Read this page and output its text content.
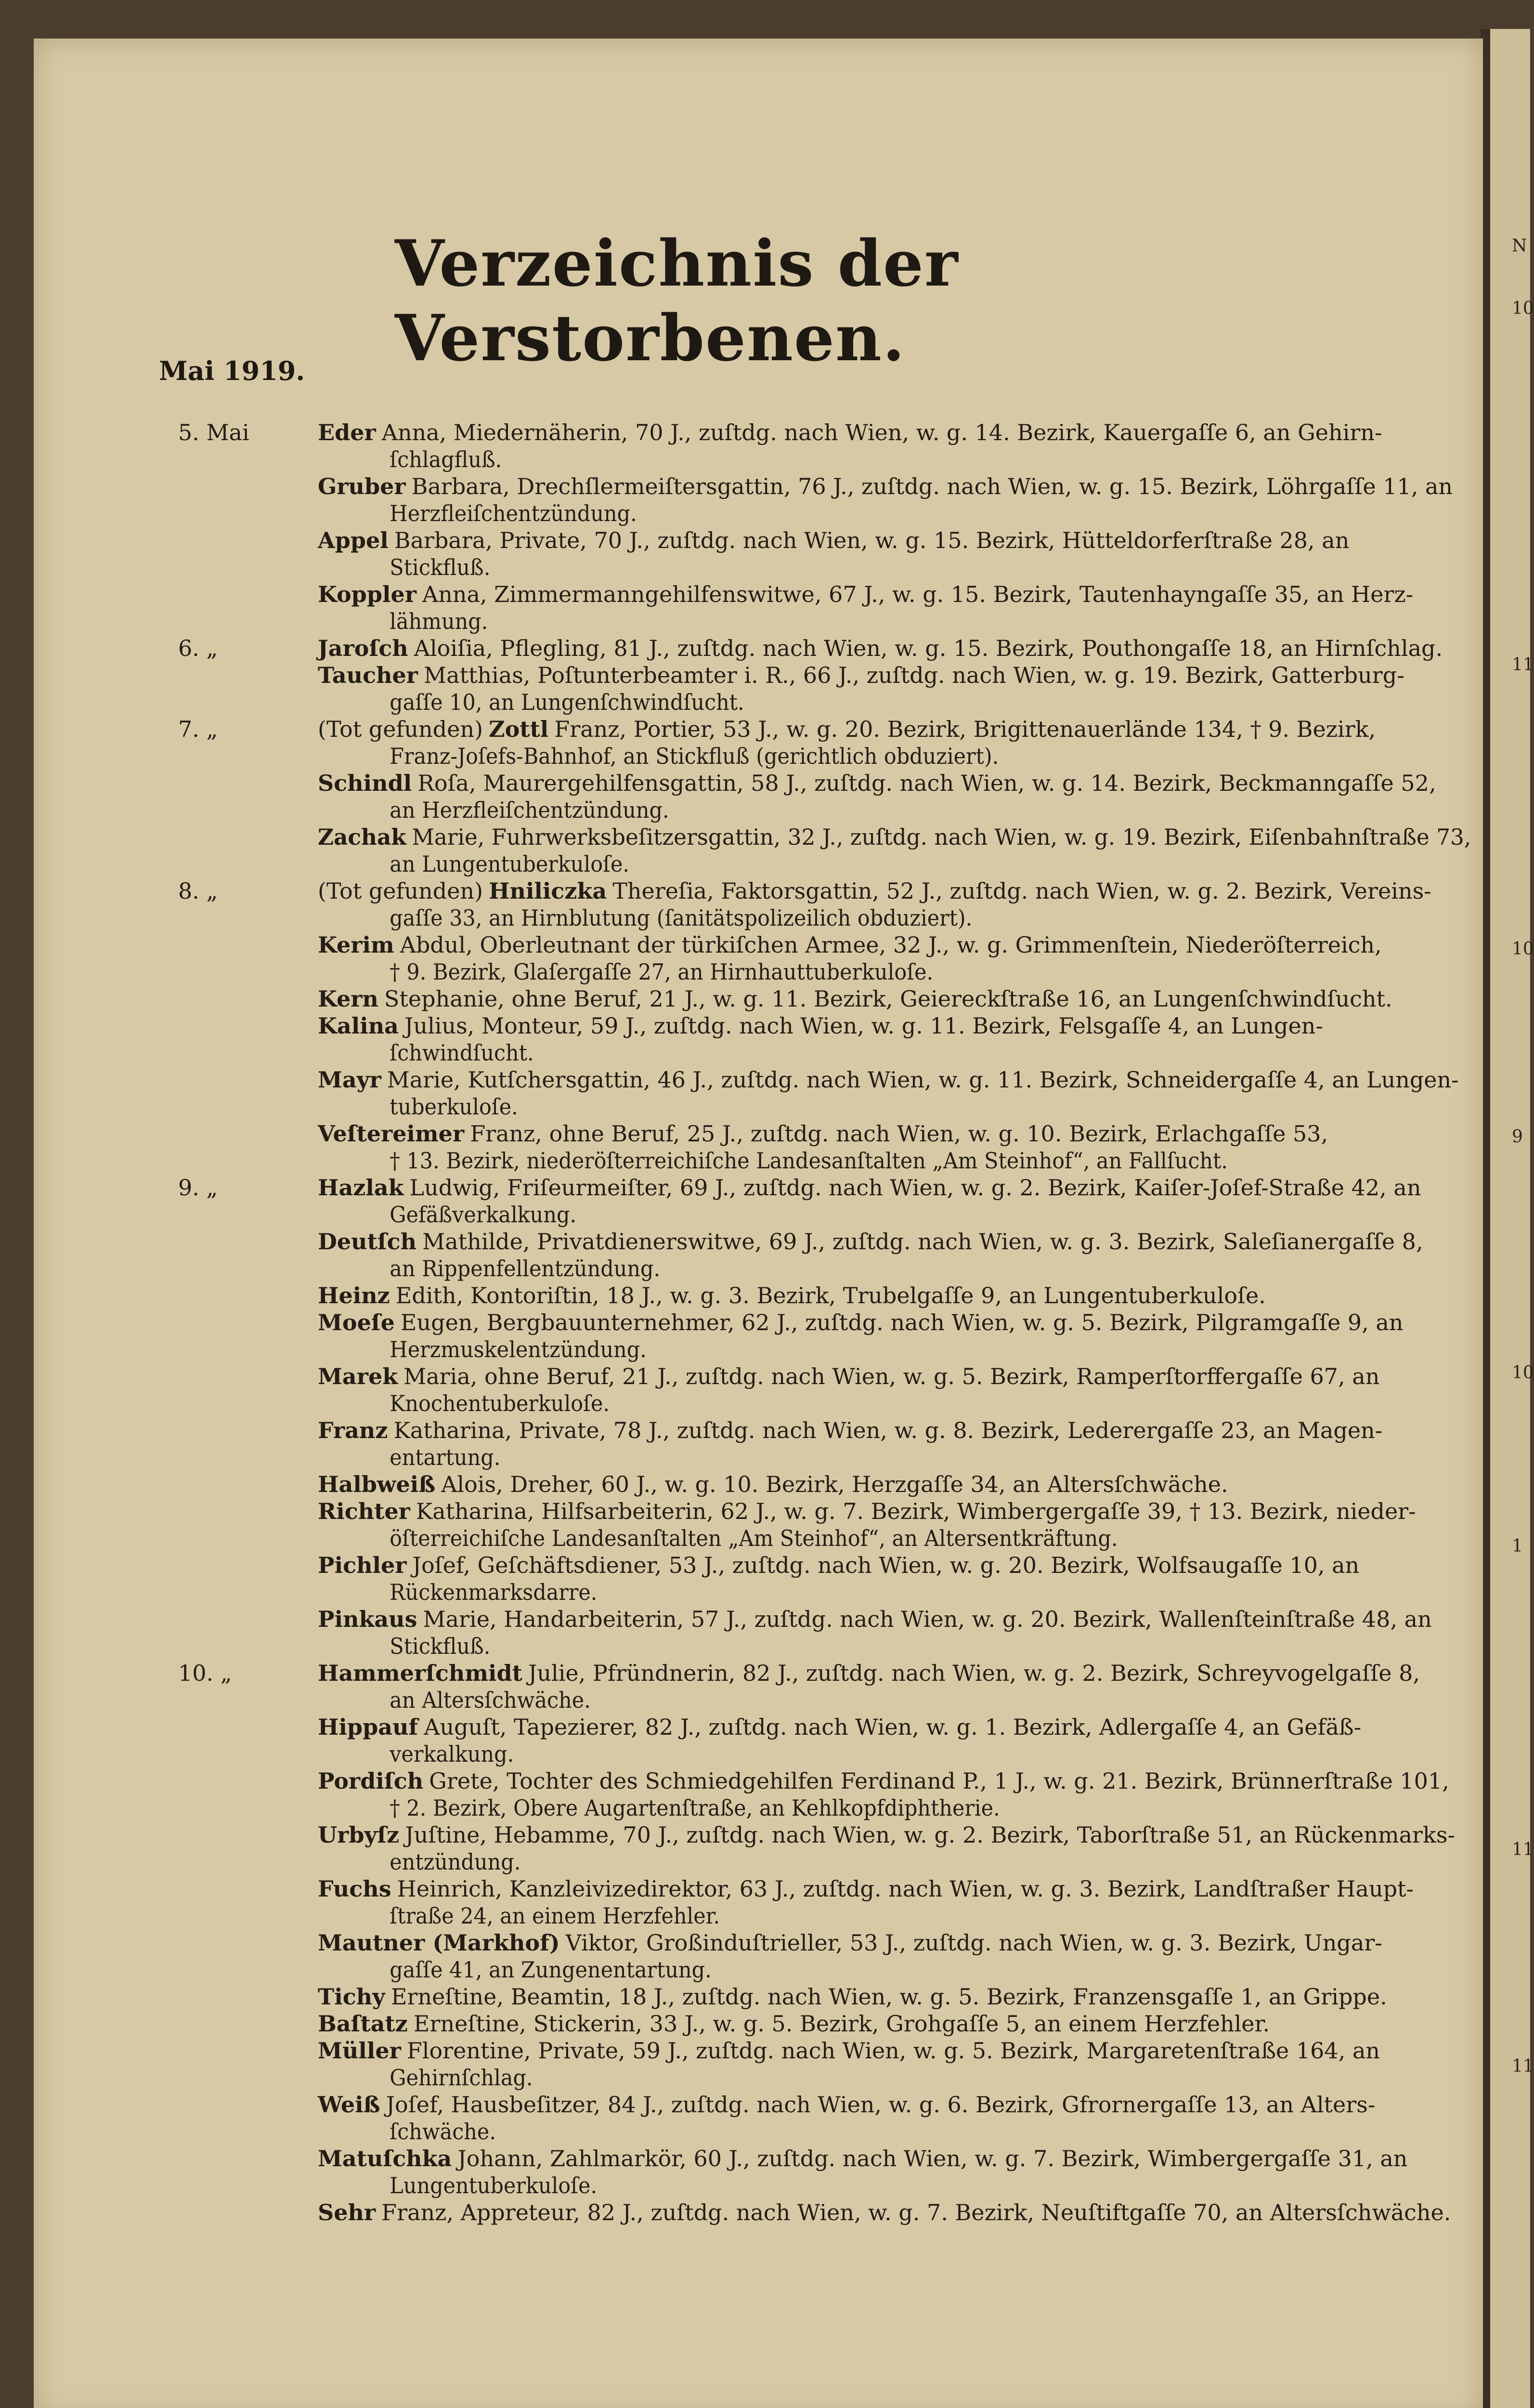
N
10
11
10
9
10
1
11
11
Verzeichnis der Verstorbenen.
Mai 1919.
5. Mai	Eder Anna, Miedernäherin, 70 J., zuſtdg. nach Wien, w. g. 14. Bezirk, Kauergaſſe 6, an Gehirn-
ſchlagfluß.
Gruber Barbara, Drechſlermeiſtersgattin, 76 J., zuſtdg. nach Wien, w. g. 15. Bezirk, Löhrgaſſe 11, an
Herzfleiſchentzündung.
Appel Barbara, Private, 70 J., zuſtdg. nach Wien, w. g. 15. Bezirk, Hütteldorferſtraße 28, an
Stickfluß.
Koppler Anna, Zimmermanngehilfenswitwe, 67 J., w. g. 15. Bezirk, Tautenhayngaſſe 35, an Herz-
lähmung.
6. „	Jaroſch Aloiſia, Pflegling, 81 J., zuſtdg. nach Wien, w. g. 15. Bezirk, Pouthongaſſe 18, an Hirnſchlag.
Taucher Matthias, Poſtunterbeamter i. R., 66 J., zuſtdg. nach Wien, w. g. 19. Bezirk, Gatterburg-
gaſſe 10, an Lungenſchwindſucht.
7. „	(Tot gefunden) Zottl Franz, Portier, 53 J., w. g. 20. Bezirk, Brigittenauerlände 134, † 9. Bezirk,
Franz-Joſefs-Bahnhof, an Stickfluß (gerichtlich obduziert).
Schindl Roſa, Maurergehilfensgattin, 58 J., zuſtdg. nach Wien, w. g. 14. Bezirk, Beckmanngaſſe 52,
an Herzfleiſchentzündung.
Zachak Marie, Fuhrwerksbeſitzersgattin, 32 J., zuſtdg. nach Wien, w. g. 19. Bezirk, Eiſenbahnſtraße 73,
an Lungentuberkuloſe.
8. „	(Tot gefunden) Hniliczka Thereſia, Faktorsgattin, 52 J., zuſtdg. nach Wien, w. g. 2. Bezirk, Vereins-
gaſſe 33, an Hirnblutung (ſanitätspolizeilich obduziert).
Kerim Abdul, Oberleutnant der türkiſchen Armee, 32 J., w. g. Grimmenſtein, Niederöſterreich,
† 9. Bezirk, Glaſergaſſe 27, an Hirnhauttuberkuloſe.
Kern Stephanie, ohne Beruf, 21 J., w. g. 11. Bezirk, Geiereckſtraße 16, an Lungenſchwindſucht.
Kalina Julius, Monteur, 59 J., zuſtdg. nach Wien, w. g. 11. Bezirk, Felsgaſſe 4, an Lungen-
ſchwindſucht.
Mayr Marie, Kutſchersgattin, 46 J., zuſtdg. nach Wien, w. g. 11. Bezirk, Schneidergaſſe 4, an Lungen-
tuberkuloſe.
Veſtereimer Franz, ohne Beruf, 25 J., zuſtdg. nach Wien, w. g. 10. Bezirk, Erlachgaſſe 53,
† 13. Bezirk, niederöſterreichiſche Landesanſtalten „Am Steinhof“, an Fallſucht.
9. „	Hazlak Ludwig, Friſeurmeiſter, 69 J., zuſtdg. nach Wien, w. g. 2. Bezirk, Kaiſer-Joſef-Straße 42, an
Gefäßverkalkung.
Deutſch Mathilde, Privatdienerswitwe, 69 J., zuſtdg. nach Wien, w. g. 3. Bezirk, Saleſianergaſſe 8,
an Rippenfellentzündung.
Heinz Edith, Kontoriſtin, 18 J., w. g. 3. Bezirk, Trubelgaſſe 9, an Lungentuberkuloſe.
Moeſe Eugen, Bergbauunternehmer, 62 J., zuſtdg. nach Wien, w. g. 5. Bezirk, Pilgramgaſſe 9, an
Herzmuskelentzündung.
Marek Maria, ohne Beruf, 21 J., zuſtdg. nach Wien, w. g. 5. Bezirk, Ramperſtorffergaſſe 67, an
Knochentuberkuloſe.
Franz Katharina, Private, 78 J., zuſtdg. nach Wien, w. g. 8. Bezirk, Lederergaſſe 23, an Magen-
entartung.
Halbweiß Alois, Dreher, 60 J., w. g. 10. Bezirk, Herzgaſſe 34, an Altersſchwäche.
Richter Katharina, Hilfsarbeiterin, 62 J., w. g. 7. Bezirk, Wimbergergaſſe 39, † 13. Bezirk, nieder-
öſterreichiſche Landesanſtalten „Am Steinhof“, an Altersentkräftung.
Pichler Joſef, Geſchäftsdiener, 53 J., zuſtdg. nach Wien, w. g. 20. Bezirk, Wolfsaugaſſe 10, an
Rückenmarksdarre.
Pinkaus Marie, Handarbeiterin, 57 J., zuſtdg. nach Wien, w. g. 20. Bezirk, Wallenſteinſtraße 48, an
Stickfluß.
10. „	Hammerſchmidt Julie, Pfründnerin, 82 J., zuſtdg. nach Wien, w. g. 2. Bezirk, Schreyvogelgaſſe 8,
an Altersſchwäche.
Hippauf Auguſt, Tapezierer, 82 J., zuſtdg. nach Wien, w. g. 1. Bezirk, Adlergaſſe 4, an Gefäß-
verkalkung.
Pordiſch Grete, Tochter des Schmiedgehilfen Ferdinand P., 1 J., w. g. 21. Bezirk, Brünnerſtraße 101,
† 2. Bezirk, Obere Augartenſtraße, an Kehlkopfdiphtherie.
Urbyſz Juſtine, Hebamme, 70 J., zuſtdg. nach Wien, w. g. 2. Bezirk, Taborſtraße 51, an Rückenmarks-
entzündung.
Fuchs Heinrich, Kanzleivizedirektor, 63 J., zuſtdg. nach Wien, w. g. 3. Bezirk, Landſtraßer Haupt-
ſtraße 24, an einem Herzfehler.
Mautner (Markhof) Viktor, Großinduſtrieller, 53 J., zuſtdg. nach Wien, w. g. 3. Bezirk, Ungar-
gaſſe 41, an Zungenentartung.
Tichy Erneſtine, Beamtin, 18 J., zuſtdg. nach Wien, w. g. 5. Bezirk, Franzensgaſſe 1, an Grippe.
Baſtatz Erneſtine, Stickerin, 33 J., w. g. 5. Bezirk, Grohgaſſe 5, an einem Herzfehler.
Müller Florentine, Private, 59 J., zuſtdg. nach Wien, w. g. 5. Bezirk, Margaretenſtraße 164, an
Gehirnſchlag.
Weiß Joſef, Hausbeſitzer, 84 J., zuſtdg. nach Wien, w. g. 6. Bezirk, Gfrornergaſſe 13, an Alters-
ſchwäche.
Matuſchka Johann, Zahlmarkör, 60 J., zuſtdg. nach Wien, w. g. 7. Bezirk, Wimbergergaſſe 31, an
Lungentuberkuloſe.
Sehr Franz, Appreteur, 82 J., zuſtdg. nach Wien, w. g. 7. Bezirk, Neuſtiftgaſſe 70, an Altersſchwäche.
